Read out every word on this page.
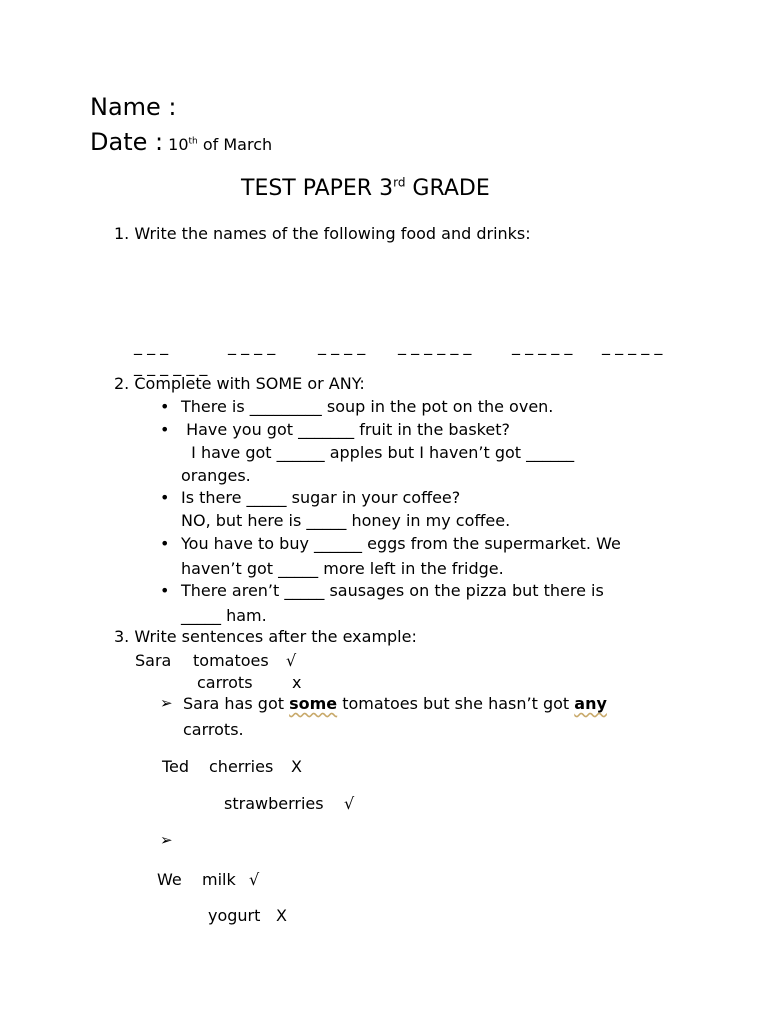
Name :
Date : 10th of March
TEST PAPER 3rd GRADE
1. Write the names of the following food and drinks:
_ _ _	_ _ _ _	_ _ _ _ _ _ _ _ _ _	_ _ _ _ _ _ _ _ _ _
_ _ _ _ _ _
2. Complete with SOME or ANY:
• There is _________ soup in the pot on the oven.
• Have you got _______ fruit in the basket?
I have got ______ apples but I haven’t got ______
oranges.
• Is there _____ sugar in your coffee?
NO, but here is _____ honey in my coffee.
• You have to buy ______ eggs from the supermarket. We
haven’t got _____ more left in the fridge.
• There aren’t _____ sausages on the pizza but there is
_____ ham.
3. Write sentences after the example:
Sara tomatoes √
carrots x
➢ Sara has got some tomatoes but she hasn’t got any
carrots.
Ted cherries X
strawberries √
➢
We milk √
yogurt X
